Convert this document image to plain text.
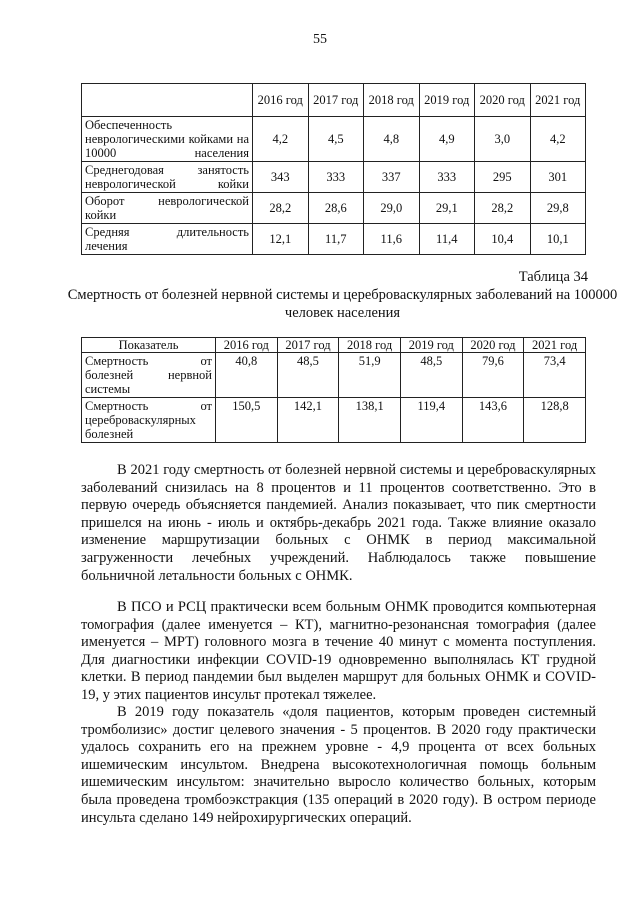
55
	2016 год	2017 год	2018 год	2019 год	2020 год	2021 год
Обеспеченность неврологическими койками на 10000 населения	4,2	4,5	4,8	4,9	3,0	4,2
Среднегодовая занятость неврологической койки	343	333	337	333	295	301
Оборот неврологической койки	28,2	28,6	29,0	29,1	28,2	29,8
Средняя длительность лечения	12,1	11,7	11,6	11,4	10,4	10,1
Таблица 34
Смертность от болезней нервной системы и цереброваскулярных заболеваний на 100000 человек населения
Показатель	2016 год	2017 год	2018 год	2019 год	2020 год	2021 год
Смертность от болезней нервной системы	40,8	48,5	51,9	48,5	79,6	73,4
Смертность от цереброваскулярных болезней	150,5	142,1	138,1	119,4	143,6	128,8

В 2021 году смертность от болезней нервной системы и цереброваскулярных заболеваний снизилась на 8 процентов и 11 процентов соответственно. Это в первую очередь объясняется пандемией. Анализ показывает, что пик смертности пришелся на июнь - июль и октябрь-декабрь 2021 года. Также влияние оказало изменение маршрутизации больных с ОНМК в период максимальной загруженности лечебных учреждений. Наблюдалось также повышение больничной летальности больных с ОНМК.

В ПСО и РСЦ практически всем больным ОНМК проводится компьютерная томография (далее именуется – КТ), магнитно-резонансная томография (далее именуется – МРТ) головного мозга в течение 40 минут с момента поступления. Для диагностики инфекции COVID-19 одновременно выполнялась КТ грудной клетки. В период пандемии был выделен маршрут для больных ОНМК и COVID-19, у этих пациентов инсульт протекал тяжелее.

В 2019 году показатель «доля пациентов, которым проведен системный тромболизис» достиг целевого значения - 5 процентов. В 2020 году практически удалось сохранить его на прежнем уровне - 4,9 процента от всех больных ишемическим инсультом. Внедрена высокотехнологичная помощь больным ишемическим инсультом: значительно выросло количество больных, которым была проведена тромбоэкстракция (135 операций в 2020 году). В остром периоде инсульта сделано 149 нейрохирургических операций.
